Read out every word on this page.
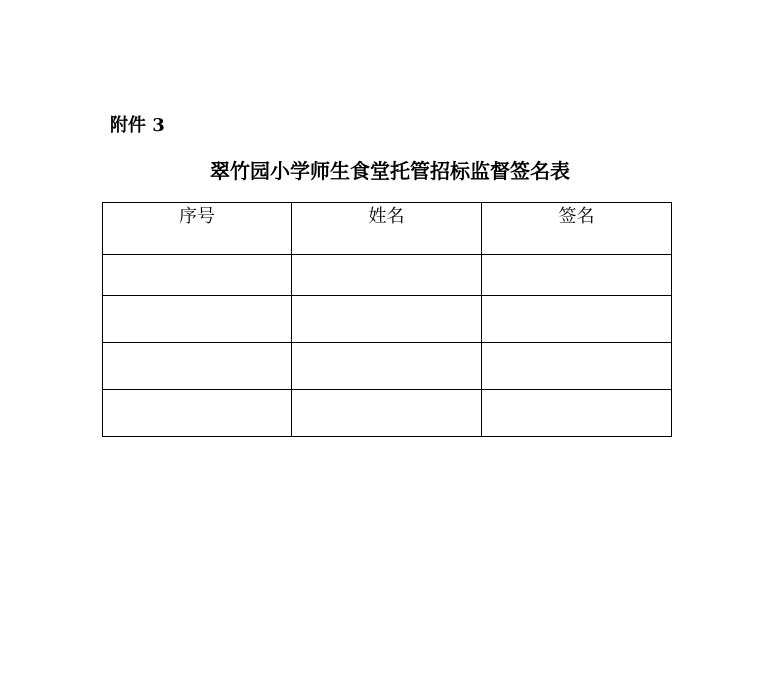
附件 3
翠竹园小学师生食堂托管招标监督签名表
序号	姓名	签名
